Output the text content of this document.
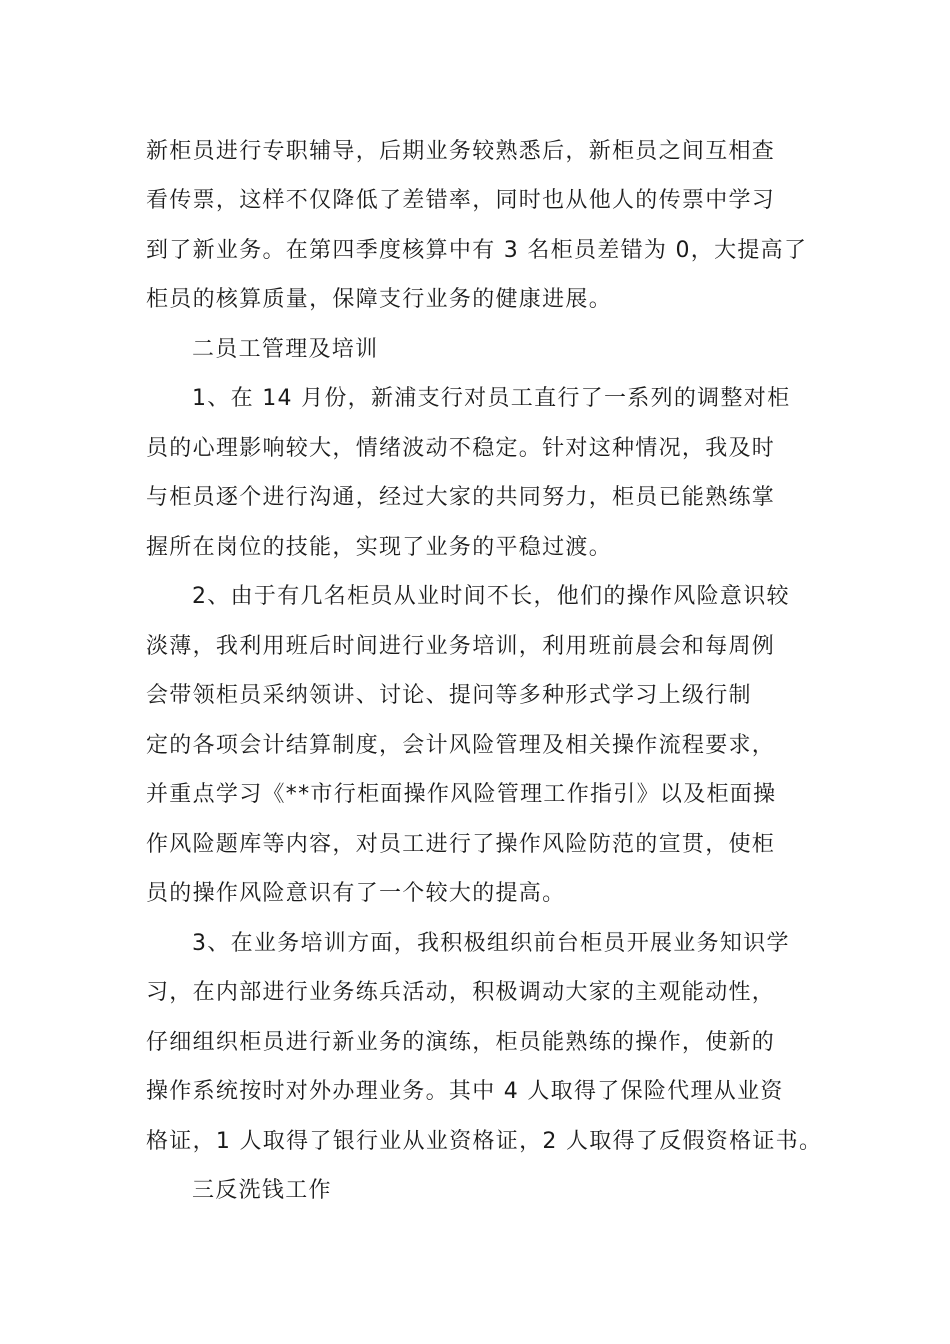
新柜员进行专职辅导，后期业务较熟悉后，新柜员之间互相查
看传票，这样不仅降低了差错率，同时也从他人的传票中学习
到了新业务。在第四季度核算中有 3 名柜员差错为 0，大提高了
柜员的核算质量，保障支行业务的健康进展。
二员工管理及培训
1、在 14 月份，新浦支行对员工直行了一系列的调整对柜
员的心理影响较大，情绪波动不稳定。针对这种情况，我及时
与柜员逐个进行沟通，经过大家的共同努力，柜员已能熟练掌
握所在岗位的技能，实现了业务的平稳过渡。
2、由于有几名柜员从业时间不长，他们的操作风险意识较
淡薄，我利用班后时间进行业务培训，利用班前晨会和每周例
会带领柜员采纳领讲、讨论、提问等多种形式学习上级行制
定的各项会计结算制度，会计风险管理及相关操作流程要求，
并重点学习《**市行柜面操作风险管理工作指引》以及柜面操
作风险题库等内容，对员工进行了操作风险防范的宣贯，使柜
员的操作风险意识有了一个较大的提高。
3、在业务培训方面，我积极组织前台柜员开展业务知识学
习，在内部进行业务练兵活动，积极调动大家的主观能动性，
仔细组织柜员进行新业务的演练，柜员能熟练的操作，使新的
操作系统按时对外办理业务。其中 4 人取得了保险代理从业资
格证，1 人取得了银行业从业资格证，2 人取得了反假资格证书。
三反洗钱工作
